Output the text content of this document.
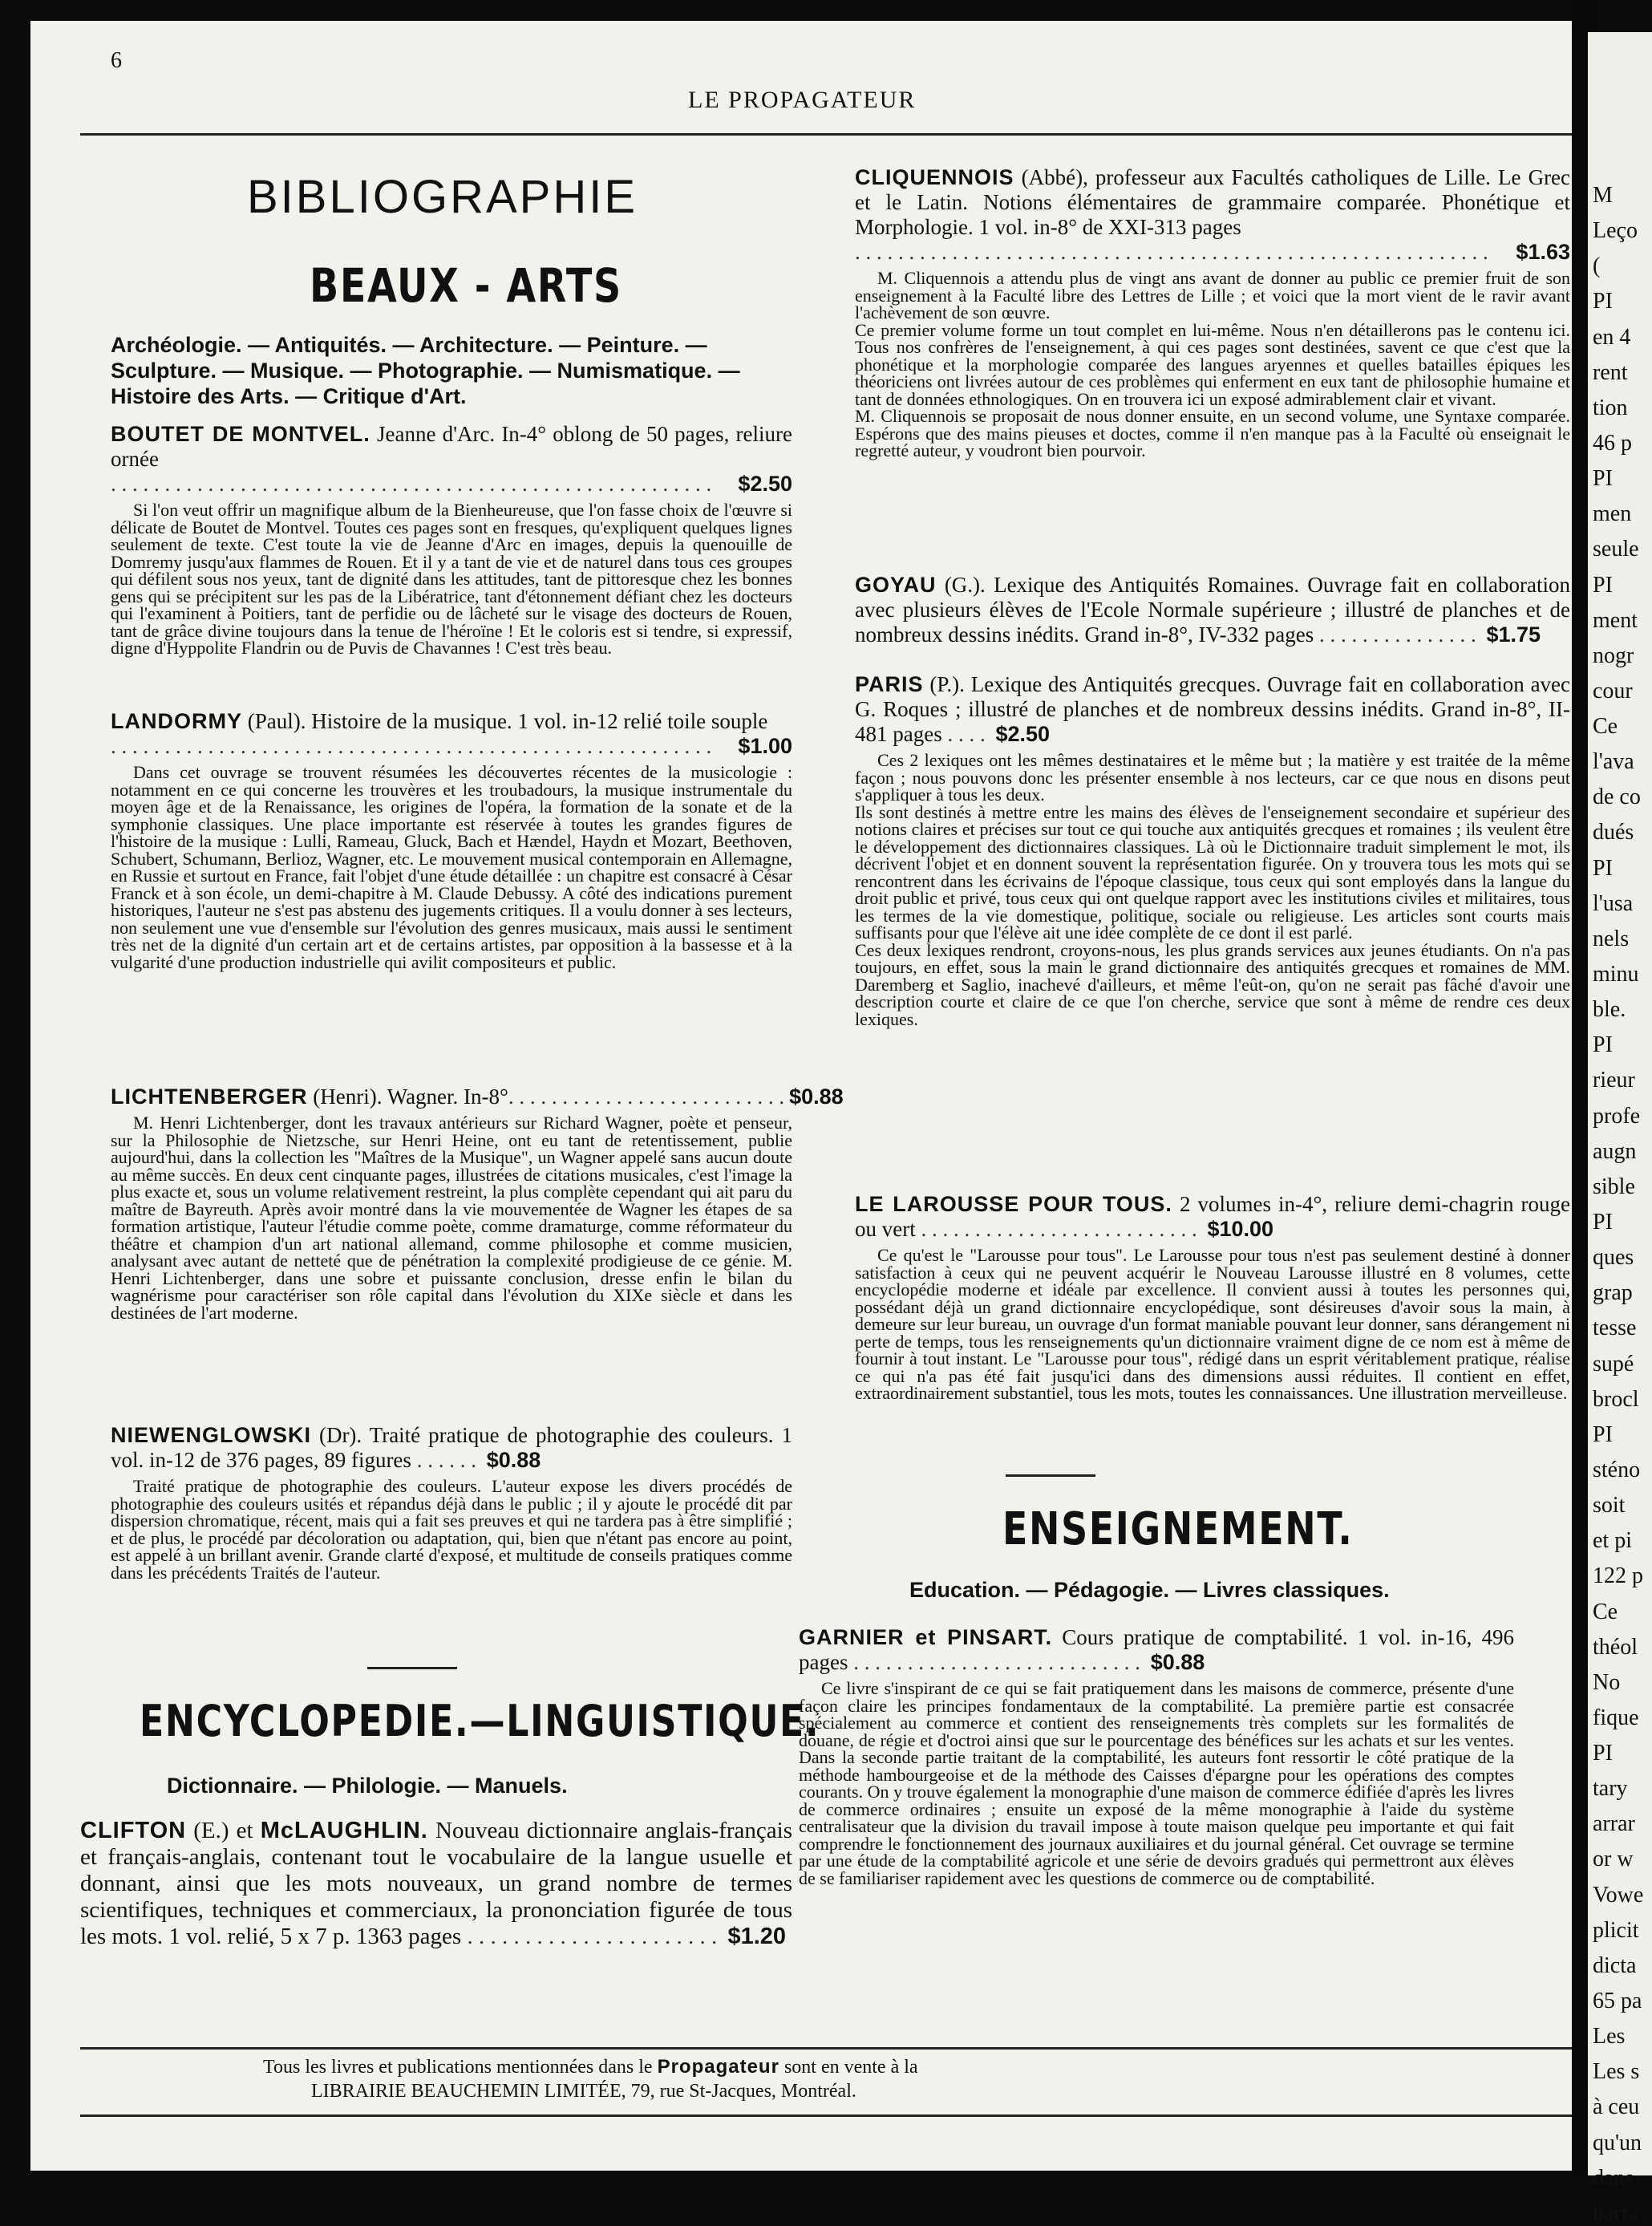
6
LE PROPAGATEUR
BIBLIOGRAPHIE
BEAUX - ARTS
Archéologie. — Antiquités. — Architecture. — Peinture. — Sculpture. — Musique. — Photographie. — Numismatique. — Histoire des Arts. — Critique d'Art.
BOUTET DE MONTVEL. Jeanne d'Arc. In-4° oblong de 50 pages, reliure ornée
. . . . . . . . . . . . . . . . . . . . . . . . . . . . . . . . . . . . . . . . . . . . . . . . . . . . . . . .	$2.50

Si l'on veut offrir un magnifique album de la Bienheureuse, que l'on fasse choix de l'œuvre si délicate de Boutet de Montvel. Toutes ces pages sont en fresques, qu'expliquent quelques lignes seulement de texte. C'est toute la vie de Jeanne d'Arc en images, depuis la quenouille de Domremy jusqu'aux flammes de Rouen. Et il y a tant de vie et de naturel dans tous ces groupes qui défilent sous nos yeux, tant de dignité dans les attitudes, tant de pittoresque chez les bonnes gens qui se précipitent sur les pas de la Libératrice, tant d'étonnement défiant chez les docteurs qui l'examinent à Poitiers, tant de perfidie ou de lâcheté sur le visage des docteurs de Rouen, tant de grâce divine toujours dans la tenue de l'héroïne ! Et le coloris est si tendre, si expressif, digne d'Hyppolite Flandrin ou de Puvis de Chavannes ! C'est très beau.

LANDORMY (Paul). Histoire de la musique. 1 vol. in-12 relié toile souple
. . . . . . . . . . . . . . . . . . . . . . . . . . . . . . . . . . . . . . . . . . . . . . . . . . . . . . . .	$1.00

Dans cet ouvrage se trouvent résumées les découvertes récentes de la musicologie : notamment en ce qui concerne les trouvères et les troubadours, la musique instrumentale du moyen âge et de la Renaissance, les origines de l'opéra, la formation de la sonate et de la symphonie classiques. Une place importante est réservée à toutes les grandes figures de l'histoire de la musique : Lulli, Rameau, Gluck, Bach et Hændel, Haydn et Mozart, Beethoven, Schubert, Schumann, Berlioz, Wagner, etc. Le mouvement musical contemporain en Allemagne, en Russie et surtout en France, fait l'objet d'une étude détaillée : un chapitre est consacré à César Franck et à son école, un demi-chapitre à M. Claude Debussy. A côté des indications purement historiques, l'auteur ne s'est pas abstenu des jugements critiques. Il a voulu donner à ses lecteurs, non seulement une vue d'ensemble sur l'évolution des genres musicaux, mais aussi le sentiment très net de la dignité d'un certain art et de certains artistes, par opposition à la bassesse et à la vulgarité d'une production industrielle qui avilit compositeurs et public.

LICHTENBERGER (Henri). Wagner. In-8° . . . . . . . . . . . . . . . . . . . . . . . . . . $0.88

M. Henri Lichtenberger, dont les travaux antérieurs sur Richard Wagner, poète et penseur, sur la Philosophie de Nietzsche, sur Henri Heine, ont eu tant de retentissement, publie aujourd'hui, dans la collection les "Maîtres de la Musique", un Wagner appelé sans aucun doute au même succès. En deux cent cinquante pages, illustrées de citations musicales, c'est l'image la plus exacte et, sous un volume relativement restreint, la plus complète cependant qui ait paru du maître de Bayreuth. Après avoir montré dans la vie mouvementée de Wagner les étapes de sa formation artistique, l'auteur l'étudie comme poète, comme dramaturge, comme réformateur du théâtre et champion d'un art national allemand, comme philosophe et comme musicien, analysant avec autant de netteté que de pénétration la complexité prodigieuse de ce génie. M. Henri Lichtenberger, dans une sobre et puissante conclusion, dresse enfin le bilan du wagnérisme pour caractériser son rôle capital dans l'évolution du XIXe siècle et dans les destinées de l'art moderne.

NIEWENGLOWSKI (Dr). Traité pratique de photographie des couleurs. 1 vol. in-12 de 376 pages, 89 figures . . . . . . $0.88

Traité pratique de photographie des couleurs. L'auteur expose les divers procédés de photographie des couleurs usités et répandus déjà dans le public ; il y ajoute le procédé dit par dispersion chromatique, récent, mais qui a fait ses preuves et qui ne tardera pas à être simplifié ; et de plus, le procédé par décoloration ou adaptation, qui, bien que n'étant pas encore au point, est appelé à un brillant avenir. Grande clarté d'exposé, et multitude de conseils pratiques comme dans les précédents Traités de l'auteur.

ENCYCLOPEDIE.—LINGUISTIQUE.
Dictionnaire. — Philologie. — Manuels.
CLIFTON (E.) et McLAUGHLIN. Nouveau dictionnaire anglais-français et français-anglais, contenant tout le vocabulaire de la langue usuelle et donnant, ainsi que les mots nouveaux, un grand nombre de termes scientifiques, techniques et commerciaux, la prononciation figurée de tous les mots. 1 vol. relié, 5 x 7 p. 1363 pages . . . . . . . . . . . . . . . . . . . . . . $1.20
CLIQUENNOIS (Abbé), professeur aux Facultés catholiques de Lille. Le Grec et le Latin. Notions élémentaires de grammaire comparée. Phonétique et Morphologie. 1 vol. in-8° de XXI-313 pages
. . . . . . . . . . . . . . . . . . . . . . . . . . . . . . . . . . . . . . . . . . . . . . . . . . . . . . . . . . .	$1.63

M. Cliquennois a attendu plus de vingt ans avant de donner au public ce premier fruit de son enseignement à la Faculté libre des Lettres de Lille ; et voici que la mort vient de le ravir avant l'achèvement de son œuvre.
Ce premier volume forme un tout complet en lui-même. Nous n'en détaillerons pas le contenu ici. Tous nos confrères de l'enseignement, à qui ces pages sont destinées, savent ce que c'est que la phonétique et la morphologie comparée des langues aryennes et quelles batailles épiques les théoriciens ont livrées autour de ces problèmes qui enferment en eux tant de philosophie humaine et tant de données ethnologiques. On en trouvera ici un exposé admirablement clair et vivant.
M. Cliquennois se proposait de nous donner ensuite, en un second volume, une Syntaxe comparée. Espérons que des mains pieuses et doctes, comme il n'en manque pas à la Faculté où enseignait le regretté auteur, y voudront bien pourvoir.

GOYAU (G.). Lexique des Antiquités Romaines. Ouvrage fait en collaboration avec plusieurs élèves de l'Ecole Normale supérieure ; illustré de planches et de nombreux dessins inédits. Grand in-8°, IV-332 pages . . . . . . . . . . . . . . . $1.75
PARIS (P.). Lexique des Antiquités grecques. Ouvrage fait en collaboration avec G. Roques ; illustré de planches et de nombreux dessins inédits. Grand in-8°, II-481 pages . . . . $2.50

Ces 2 lexiques ont les mêmes destinataires et le même but ; la matière y est traitée de la même façon ; nous pouvons donc les présenter ensemble à nos lecteurs, car ce que nous en disons peut s'appliquer à tous les deux.
Ils sont destinés à mettre entre les mains des élèves de l'enseignement secondaire et supérieur des notions claires et précises sur tout ce qui touche aux antiquités grecques et romaines ; ils veulent être le développement des dictionnaires classiques. Là où le Dictionnaire traduit simplement le mot, ils décrivent l'objet et en donnent souvent la représentation figurée. On y trouvera tous les mots qui se rencontrent dans les écrivains de l'époque classique, tous ceux qui sont employés dans la langue du droit public et privé, tous ceux qui ont quelque rapport avec les institutions civiles et militaires, tous les termes de la vie domestique, politique, sociale ou religieuse. Les articles sont courts mais suffisants pour que l'élève ait une idée complète de ce dont il est parlé.
Ces deux lexiques rendront, croyons-nous, les plus grands services aux jeunes étudiants. On n'a pas toujours, en effet, sous la main le grand dictionnaire des antiquités grecques et romaines de MM. Daremberg et Saglio, inachevé d'ailleurs, et même l'eût-on, qu'on ne serait pas fâché d'avoir une description courte et claire de ce que l'on cherche, service que sont à même de rendre ces deux lexiques.

LE LAROUSSE POUR TOUS. 2 volumes in-4°, reliure demi-chagrin rouge ou vert . . . . . . . . . . . . . . . . . . . . . . . . . . $10.00

Ce qu'est le "Larousse pour tous". Le Larousse pour tous n'est pas seulement destiné à donner satisfaction à ceux qui ne peuvent acquérir le Nouveau Larousse illustré en 8 volumes, cette encyclopédie moderne et idéale par excellence. Il convient aussi à toutes les personnes qui, possédant déjà un grand dictionnaire encyclopédique, sont désireuses d'avoir sous la main, à demeure sur leur bureau, un ouvrage d'un format maniable pouvant leur donner, sans dérangement ni perte de temps, tous les renseignements qu'un dictionnaire vraiment digne de ce nom est à même de fournir à tout instant. Le "Larousse pour tous", rédigé dans un esprit véritablement pratique, réalise ce qui n'a pas été fait jusqu'ici dans des dimensions aussi réduites. Il contient en effet, extraordinairement substantiel, tous les mots, toutes les connaissances. Une illustration merveilleuse.

ENSEIGNEMENT.
Education. — Pédagogie. — Livres classiques.
GARNIER et PINSART. Cours pratique de comptabilité. 1 vol. in-16, 496 pages . . . . . . . . . . . . . . . . . . . . . . . . . . . $0.88

Ce livre s'inspirant de ce qui se fait pratiquement dans les maisons de commerce, présente d'une façon claire les principes fondamentaux de la comptabilité. La première partie est consacrée spécialement au commerce et contient des renseignements très complets sur les formalités de douane, de régie et d'octroi ainsi que sur le pourcentage des bénéfices sur les achats et sur les ventes. Dans la seconde partie traitant de la comptabilité, les auteurs font ressortir le côté pratique de la méthode hambourgeoise et de la méthode des Caisses d'épargne pour les opérations des comptes courants. On y trouve également la monographie d'une maison de commerce édifiée d'après les livres de commerce ordinaires ; ensuite un exposé de la même monographie à l'aide du système centralisateur que la division du travail impose à toute maison quelque peu importante et qui fait comprendre le fonctionnement des journaux auxiliaires et du journal général. Cet ouvrage se termine par une étude de la comptabilité agricole et une série de devoirs gradués qui permettront aux élèves de se familiariser rapidement avec les questions de commerce ou de comptabilité.

Tous les livres et publications mentionnées dans le Propagateur sont en vente à la
LIBRAIRIE BEAUCHEMIN LIMITÉE, 79, rue St-Jacques, Montréal.
M
Leço
(
PI
en 4
rent
tion
46 p
PI
men
seule
PI
ment
nogr
cour
Ce
l'ava
de co
dués
PI
l'usa
nels
minu
ble.
PI
rieur
profe
augn
sible
PI
ques
grap
tesse
supé
brocl
PI
sténo
soit
et pi
122 p
Ce
théol
No
fique
PI
tary
arrar
or w
Vowe
plicit
dicta
65 pa
Les
Les s
à ceu
qu'un
dans
barra
